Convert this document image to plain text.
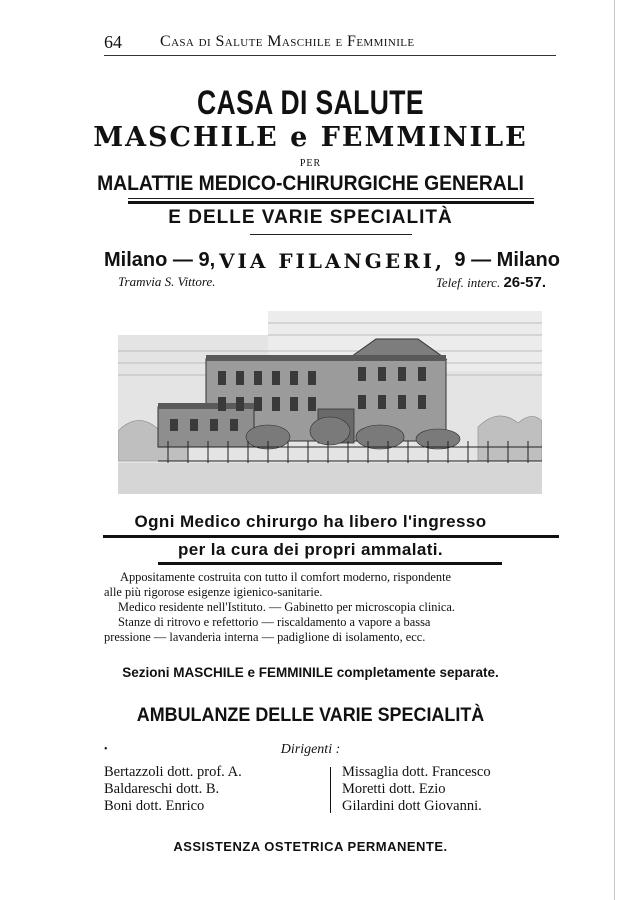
64 Casa di Salute Maschile e Femminile
CASA DI SALUTE
MASCHILE e FEMMINILE
PER
MALATTIE MEDICO-CHIRURGICHE GENERALI
E DELLE VARIE SPECIALITÀ
Milano — 9, VIA FILANGERI, 9 — Milano
Tramvia S. Vittore.	Telef. interc. 26-57.
Ogni Medico chirurgo ha libero l'ingresso
per la cura dei propri ammalati.
Appositamente costruita con tutto il comfort moderno, rispondente
alle più rigorose esigenze igienico-sanitarie.
Medico residente nell'Istituto. — Gabinetto per microscopia clinica.
Stanze di ritrovo e refettorio — riscaldamento a vapore a bassa
pressione — lavanderia interna — padiglione di isolamento, ecc.
Sezioni MASCHILE e FEMMINILE completamente separate.
AMBULANZE DELLE VARIE SPECIALITÀ
•	Dirigenti :
Bertazzoli dott. prof. A.
Baldareschi dott. B.
Boni dott. Enrico
Missaglia dott. Francesco
Moretti dott. Ezio
Gilardini dott Giovanni.
ASSISTENZA OSTETRICA PERMANENTE.
